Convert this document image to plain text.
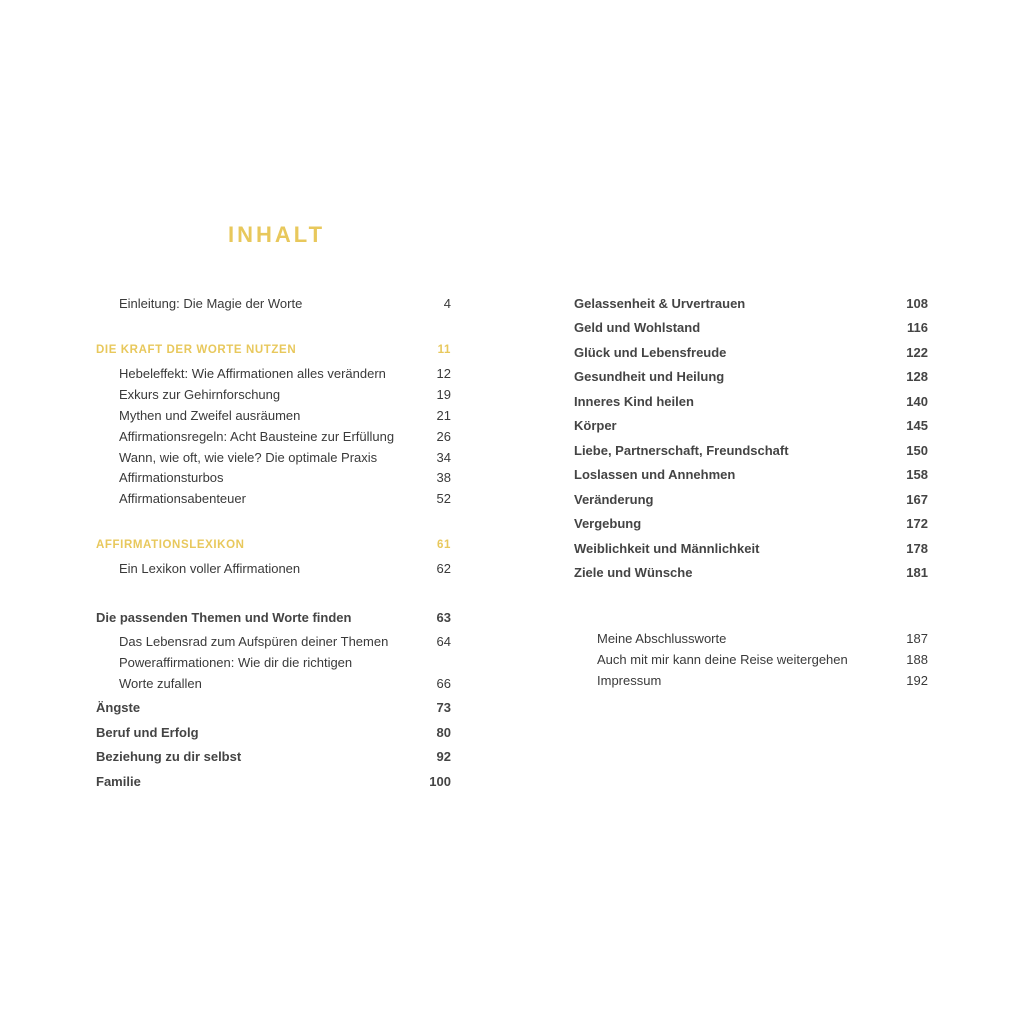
INHALT
Einleitung: Die Magie der Worte	4
DIE KRAFT DER WORTE NUTZEN	11
Hebeleffekt: Wie Affirmationen alles verändern	12
Exkurs zur Gehirnforschung	19
Mythen und Zweifel ausräumen	21
Affirmationsregeln: Acht Bausteine zur Erfüllung	26
Wann, wie oft, wie viele? Die optimale Praxis	34
Affirmationsturbos	38
Affirmationsabenteuer	52
AFFIRMATIONSLEXIKON	61
Ein Lexikon voller Affirmationen	62
Die passenden Themen und Worte finden	63
Das Lebensrad zum Aufspüren deiner Themen	64
Poweraffirmationen: Wie dir die richtigen
Worte zufallen	66
Ängste	73
Beruf und Erfolg	80
Beziehung zu dir selbst	92
Familie	100
Gelassenheit & Urvertrauen	108
Geld und Wohlstand	116
Glück und Lebensfreude	122
Gesundheit und Heilung	128
Inneres Kind heilen	140
Körper	145
Liebe, Partnerschaft, Freundschaft	150
Loslassen und Annehmen	158
Veränderung	167
Vergebung	172
Weiblichkeit und Männlichkeit	178
Ziele und Wünsche	181
Meine Abschlussworte	187
Auch mit mir kann deine Reise weitergehen	188
Impressum	192
